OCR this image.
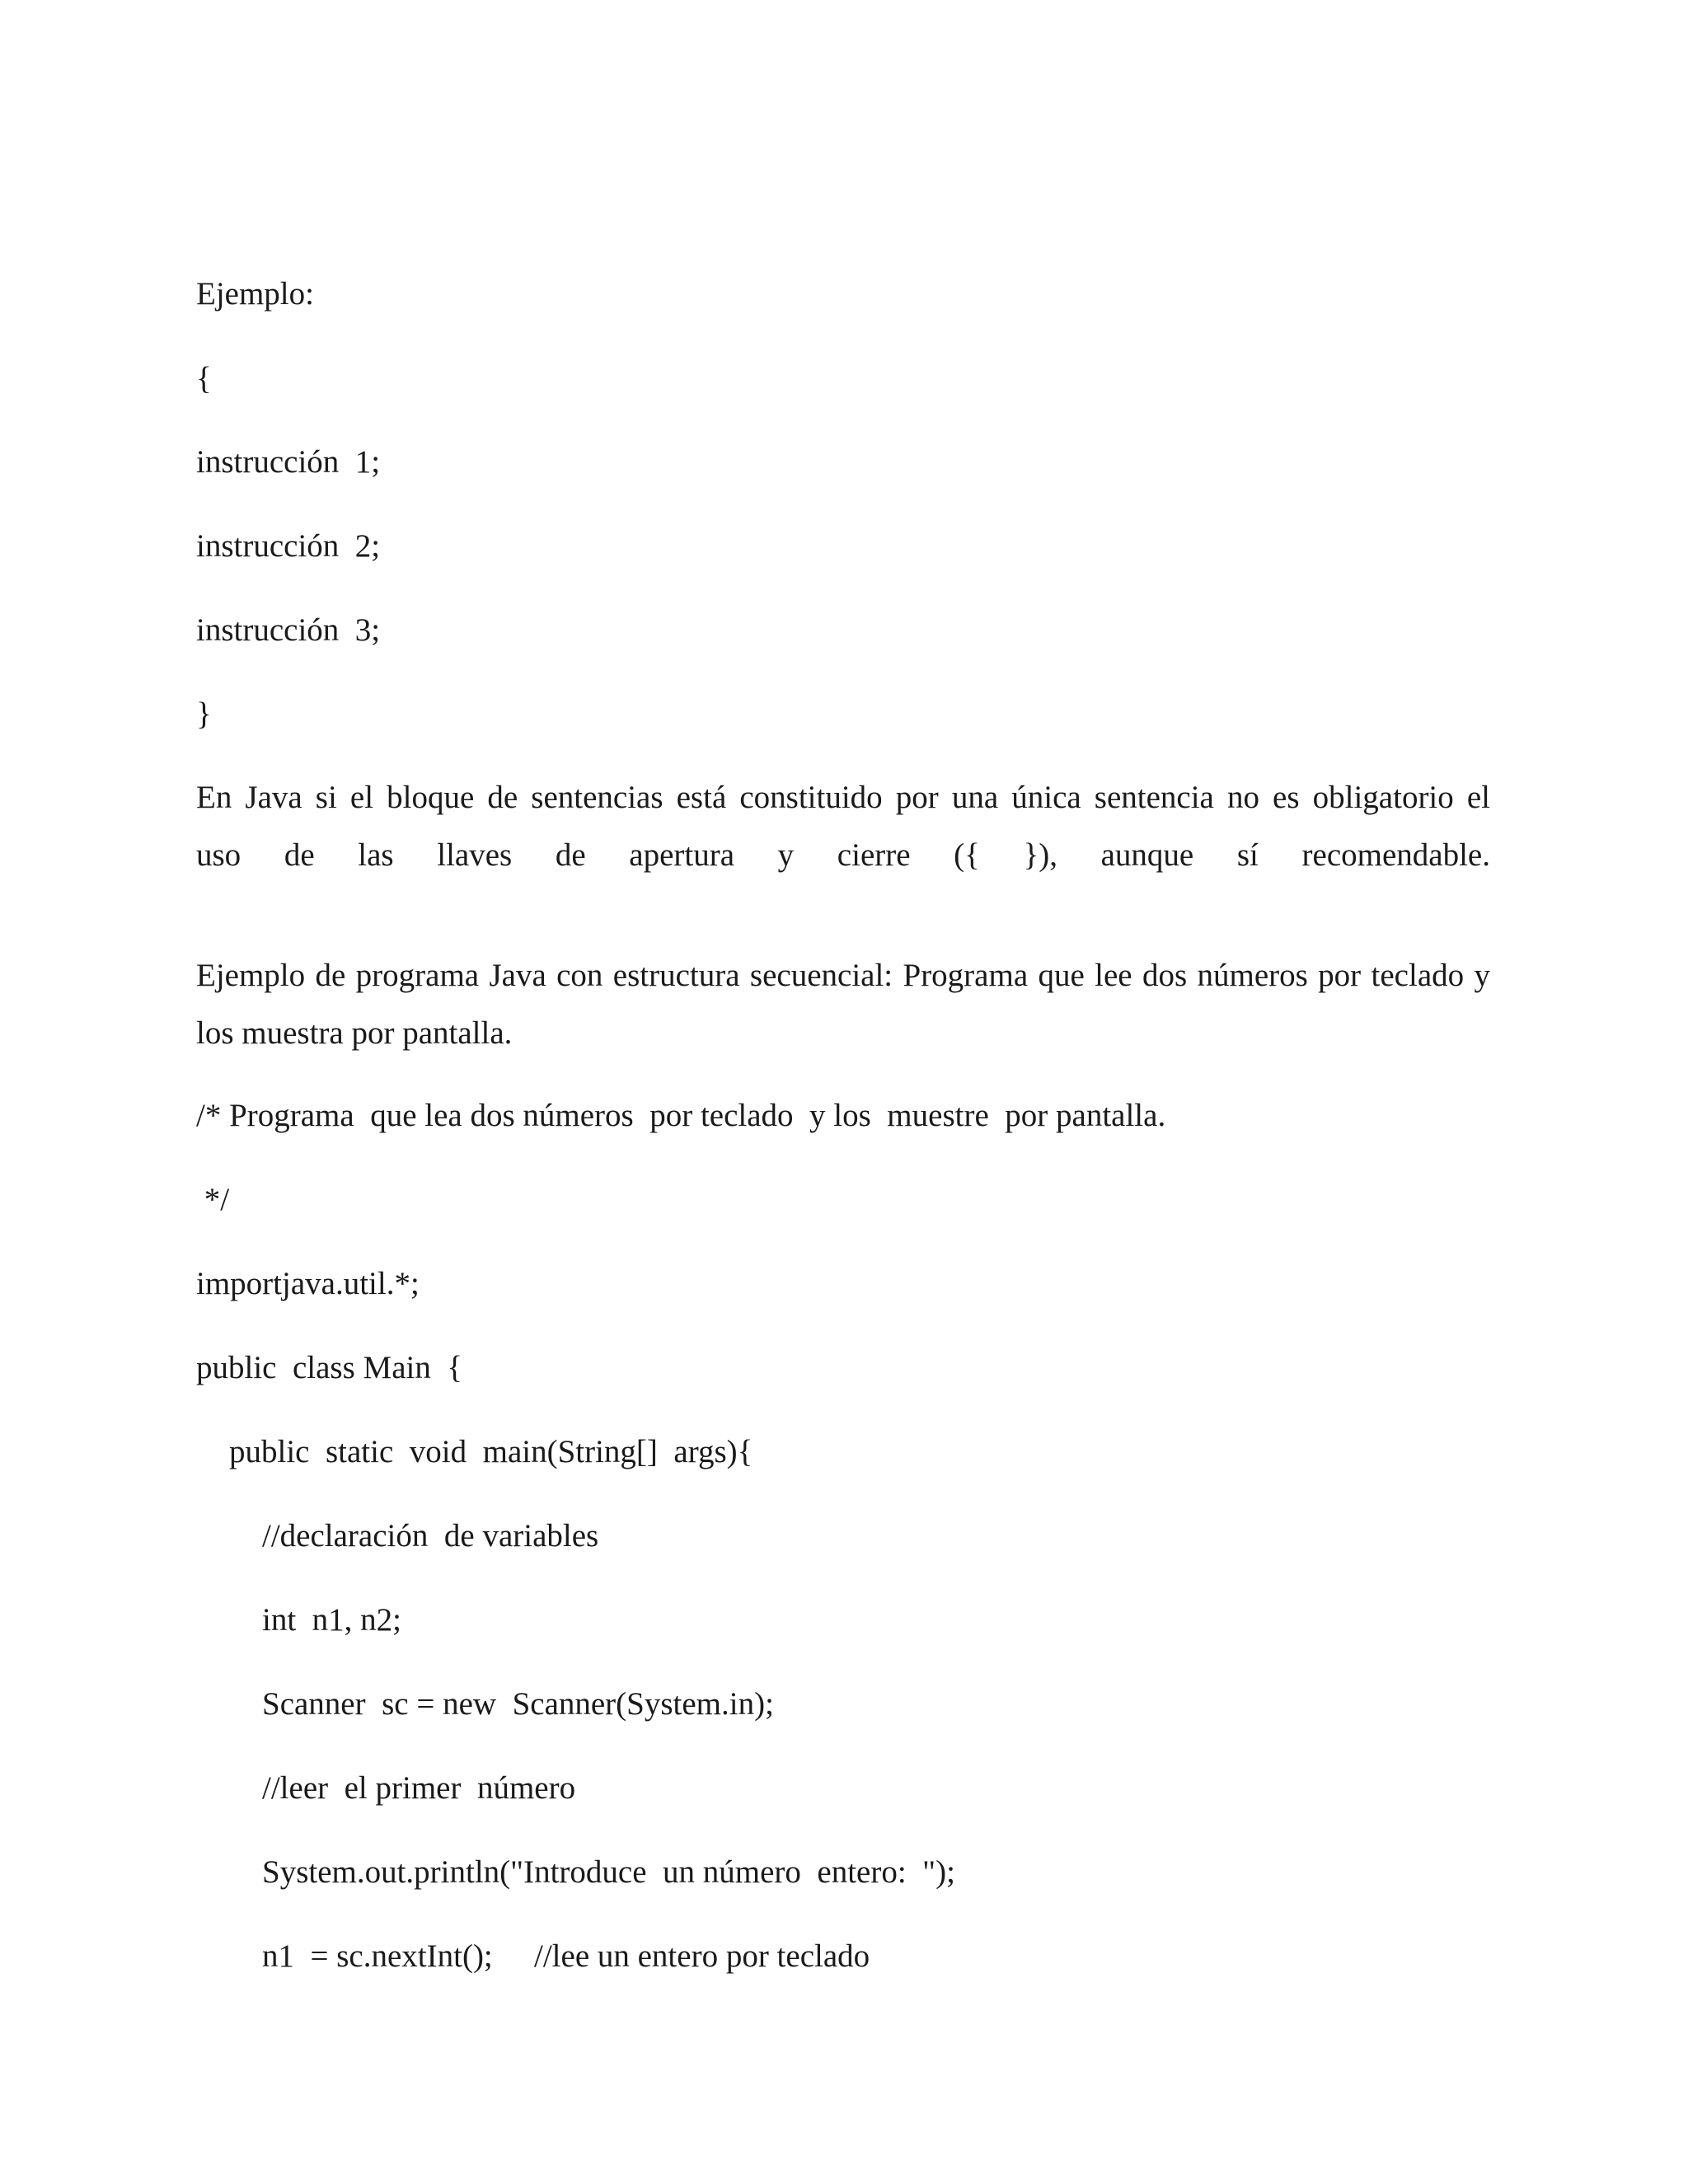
Ejemplo:
{
instrucción  1;
instrucción  2;
instrucción  3;
}
En Java si el bloque de sentencias está constituido por una única sentencia no es obligatorio el
uso de las llaves de apertura y cierre ({ }), aunque sí recomendable.
Ejemplo de programa Java con estructura secuencial: Programa que lee dos números por teclado y los muestra por pantalla.
/* Programa  que lea dos números  por teclado  y los  muestre  por pantalla.
*/
importjava.util.*;
public  class Main  {
public  static  void  main(String[]  args){
//declaración  de variables
int  n1, n2;
Scanner  sc = new  Scanner(System.in);
//leer  el primer  número
System.out.println("Introduce  un número  entero:  ");
n1  = sc.nextInt(); //lee un entero por teclado
